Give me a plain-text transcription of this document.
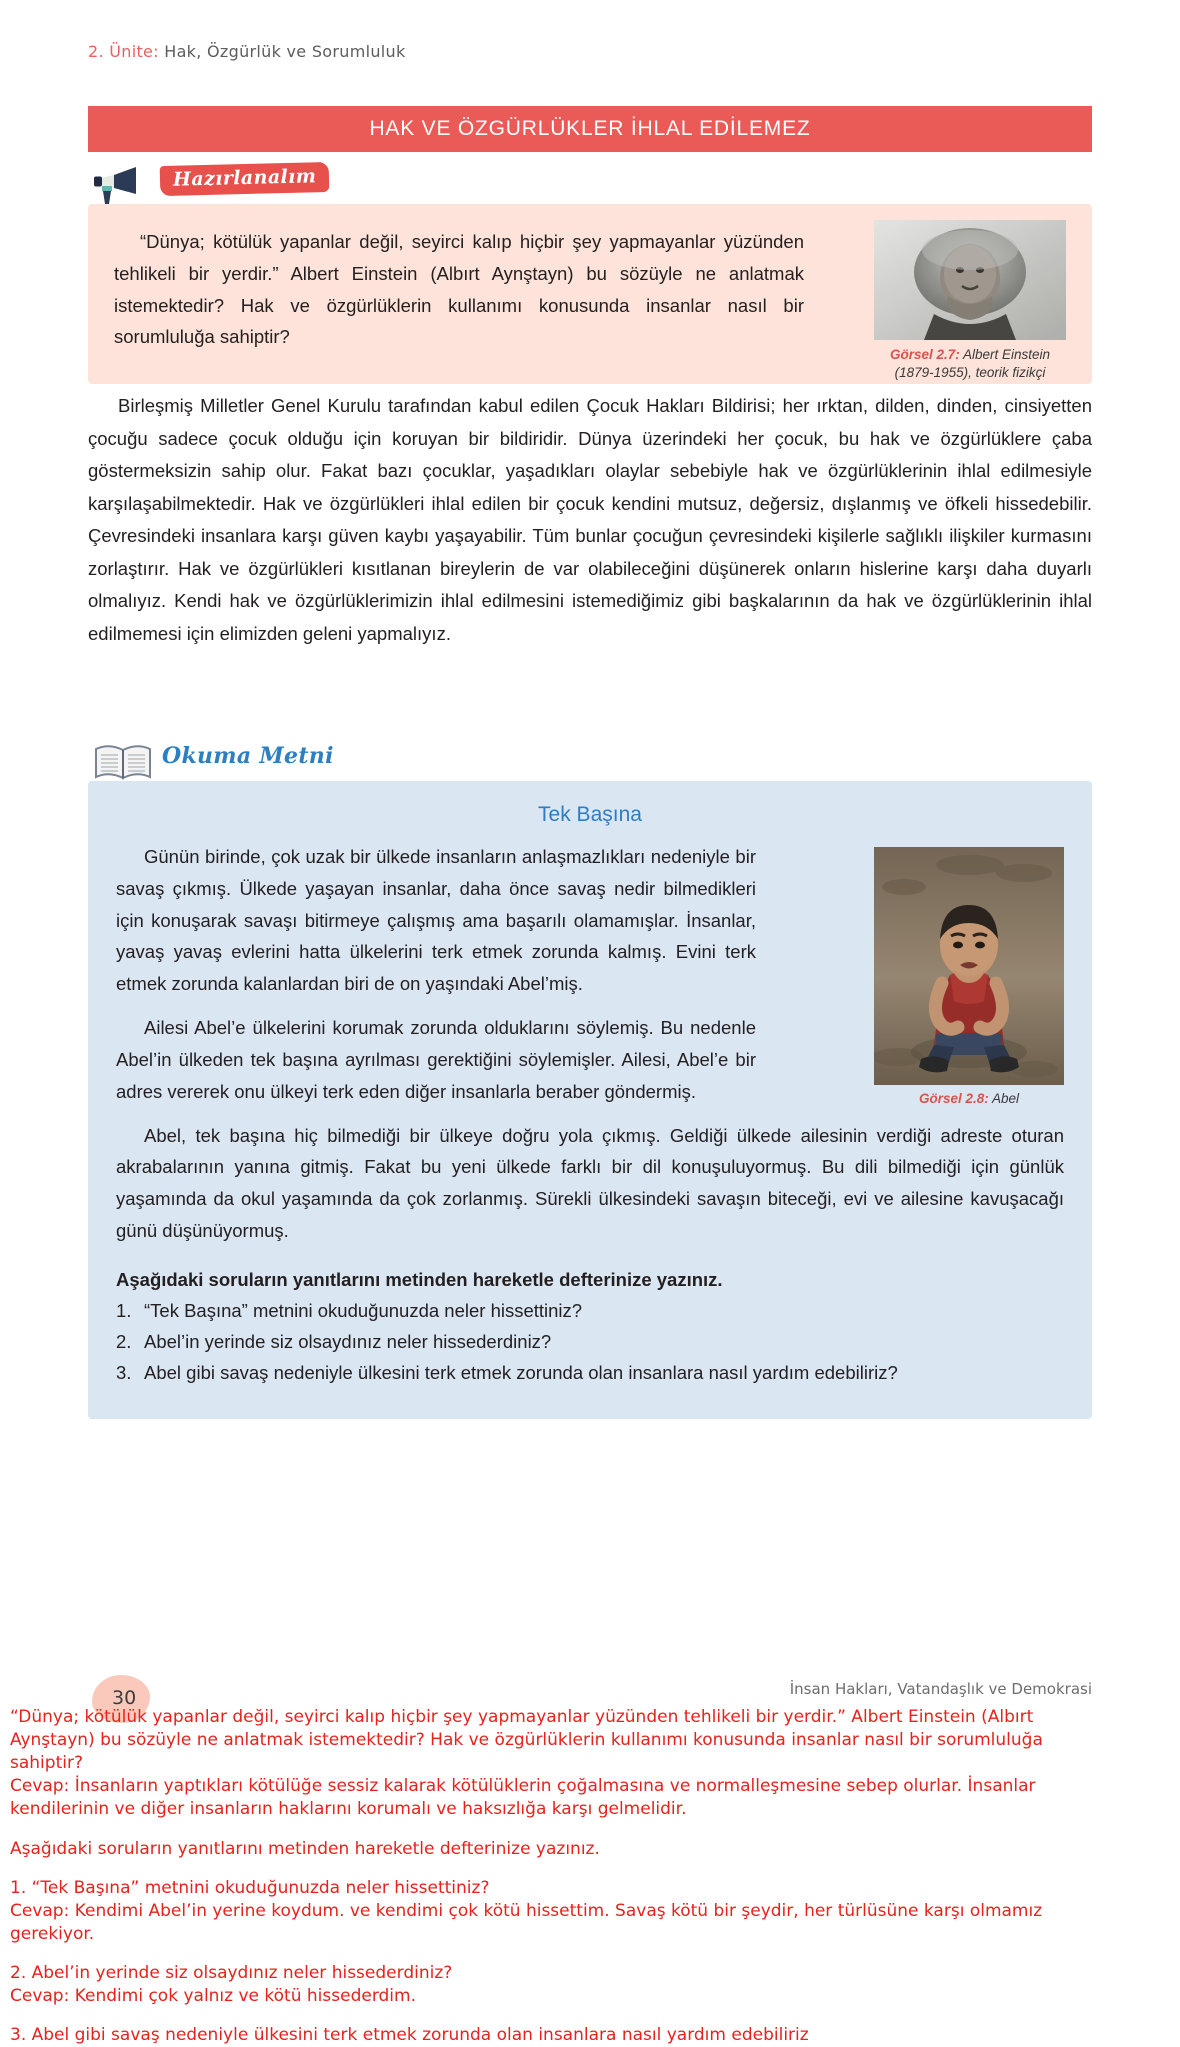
2. Ünite: Hak, Özgürlük ve Sorumluluk
HAK VE ÖZGÜRLÜKLER İHLAL EDİLEMEZ
Hazırlanalım
“Dünya; kötülük yapanlar değil, seyirci kalıp hiçbir şey yapmayanlar yüzünden tehlikeli bir yerdir.” Albert Einstein (Albırt Aynştayn) bu sözüyle ne anlatmak istemektedir? Hak ve özgürlüklerin kullanımı konusunda insanlar nasıl bir sorumluluğa sahiptir?
Görsel 2.7: Albert Einstein
(1879-1955), teorik fizikçi
Birleşmiş Milletler Genel Kurulu tarafından kabul edilen Çocuk Hakları Bildirisi; her ırktan, dilden, dinden, cinsiyetten çocuğu sadece çocuk olduğu için koruyan bir bildiridir. Dünya üzerindeki her çocuk, bu hak ve özgürlüklere çaba göstermeksizin sahip olur. Fakat bazı çocuklar, yaşadıkları olaylar sebebiyle hak ve özgürlüklerinin ihlal edilmesiyle karşılaşabilmektedir. Hak ve özgürlükleri ihlal edilen bir çocuk kendini mutsuz, değersiz, dışlanmış ve öfkeli hissedebilir. Çevresindeki insanlara karşı güven kaybı yaşayabilir. Tüm bunlar çocuğun çevresindeki kişilerle sağlıklı ilişkiler kurmasını zorlaştırır. Hak ve özgürlükleri kısıtlanan bireylerin de var olabileceğini düşünerek onların hislerine karşı daha duyarlı olmalıyız. Kendi hak ve özgürlüklerimizin ihlal edilmesini istemediğimiz gibi başkalarının da hak ve özgürlüklerinin ihlal edilmemesi için elimizden geleni yapmalıyız.
Okuma Metni
Tek Başına
Görsel 2.8: Abel

Günün birinde, çok uzak bir ülkede insanların anlaşmazlıkları nedeniyle bir savaş çıkmış. Ülkede yaşayan insanlar, daha önce savaş nedir bilmedikleri için konuşarak savaşı bitirmeye çalışmış ama başarılı olamamışlar. İnsanlar, yavaş yavaş evlerini hatta ülkelerini terk etmek zorunda kalmış. Evini terk etmek zorunda kalanlardan biri de on yaşındaki Abel’miş.

Ailesi Abel’e ülkelerini korumak zorunda olduklarını söylemiş. Bu nedenle Abel’in ülkeden tek başına ayrılması gerektiğini söylemişler. Ailesi, Abel’e bir adres vererek onu ülkeyi terk eden diğer insanlarla beraber göndermiş.

Abel, tek başına hiç bilmediği bir ülkeye doğru yola çıkmış. Geldiği ülkede ailesinin verdiği adreste oturan akrabalarının yanına gitmiş. Fakat bu yeni ülkede farklı bir dil konuşuluyormuş. Bu dili bilmediği için günlük yaşamında da okul yaşamında da çok zorlanmış. Sürekli ülkesindeki savaşın biteceği, evi ve ailesine kavuşacağı günü düşünüyormuş.

Aşağıdaki soruların yanıtlarını metinden hareketle defterinize yazınız.
1. “Tek Başına” metnini okuduğunuzda neler hissettiniz?
2. Abel’in yerinde siz olsaydınız neler hissederdiniz?
3. Abel gibi savaş nedeniyle ülkesini terk etmek zorunda olan insanlara nasıl yardım edebiliriz?
30	İnsan Hakları, Vatandaşlık ve Demokrasi

“Dünya; kötülük yapanlar değil, seyirci kalıp hiçbir şey yapmayanlar yüzünden tehlikeli bir yerdir.” Albert Einstein (Albırt Aynştayn) bu sözüyle ne anlatmak istemektedir? Hak ve özgürlüklerin kullanımı konusunda insanlar nasıl bir sorumluluğa sahiptir?

Cevap: İnsanların yaptıkları kötülüğe sessiz kalarak kötülüklerin çoğalmasına ve normalleşmesine sebep olurlar. İnsanlar kendilerinin ve diğer insanların haklarını korumalı ve haksızlığa karşı gelmelidir.

Aşağıdaki soruların yanıtlarını metinden hareketle defterinize yazınız.

1. “Tek Başına” metnini okuduğunuzda neler hissettiniz?

Cevap: Kendimi Abel’in yerine koydum. ve kendimi çok kötü hissettim. Savaş kötü bir şeydir, her türlüsüne karşı olmamız gerekiyor.

2. Abel’in yerinde siz olsaydınız neler hissederdiniz?

Cevap: Kendimi çok yalnız ve kötü hissederdim.

3. Abel gibi savaş nedeniyle ülkesini terk etmek zorunda olan insanlara nasıl yardım edebiliriz
